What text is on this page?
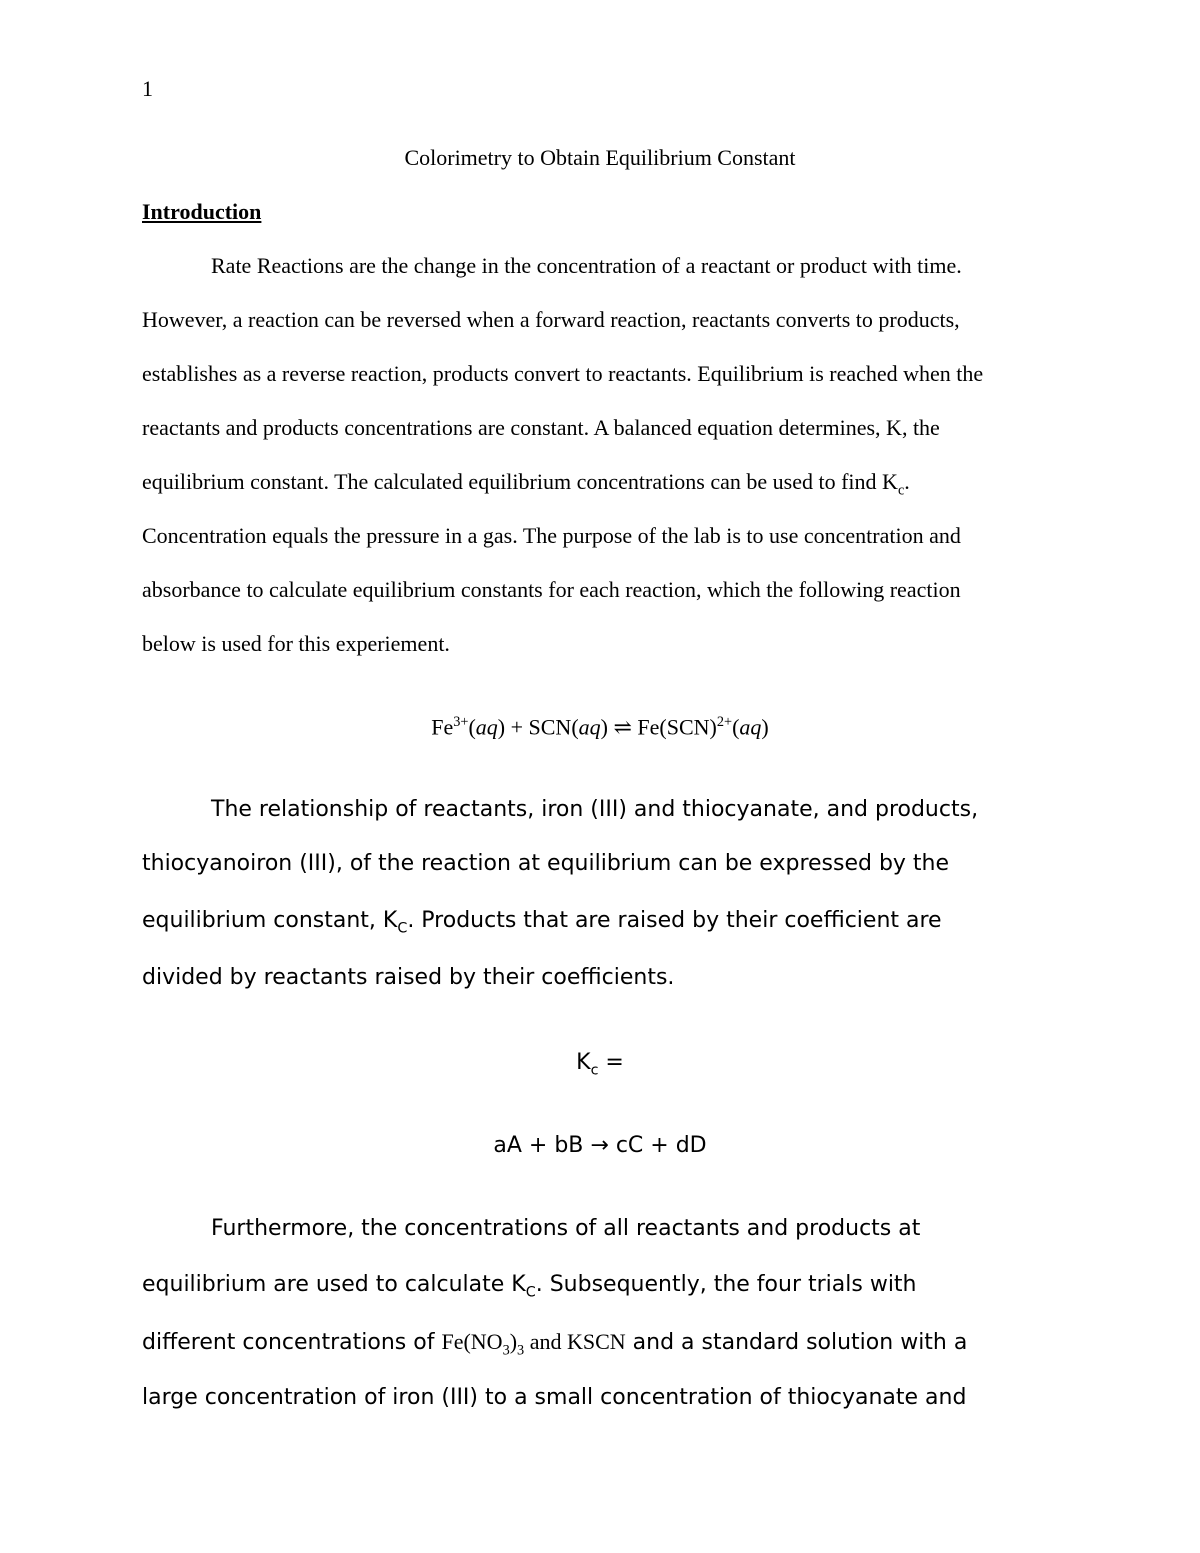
1
Colorimetry to Obtain Equilibrium Constant
Introduction
Rate Reactions are the change in the concentration of a reactant or product with time.
However, a reaction can be reversed when a forward reaction, reactants converts to products,
establishes as a reverse reaction, products convert to reactants. Equilibrium is reached when the
reactants and products concentrations are constant. A balanced equation determines, K, the
equilibrium constant. The calculated equilibrium concentrations can be used to find $K_c$.
Concentration equals the pressure in a gas. The purpose of the lab is to use concentration and
absorbance to calculate equilibrium constants for each reaction, which the following reaction
below is used for this experiement.
$Fe^{3+}(aq) + SCN(aq)$ ⇌ Fe(SCN)$^{2+}$(aq)
The relationship of reactants, iron (III) and thiocyanate, and products,
thiocyanoiron (III), of the reaction at equilibrium can be expressed by the
equilibrium constant, $K_C$. Products that are raised by their coefficient are
divided by reactants raised by their coefficients.
$K_c$ =
aA + bB → cC + dD
Furthermore, the concentrations of all reactants and products at
equilibrium are used to calculate $K_C$. Subsequently, the four trials with
different concentrations of $Fe(NO_3)_3$ and KSCN and a standard solution with a
large concentration of iron (III) to a small concentration of thiocyanate and
